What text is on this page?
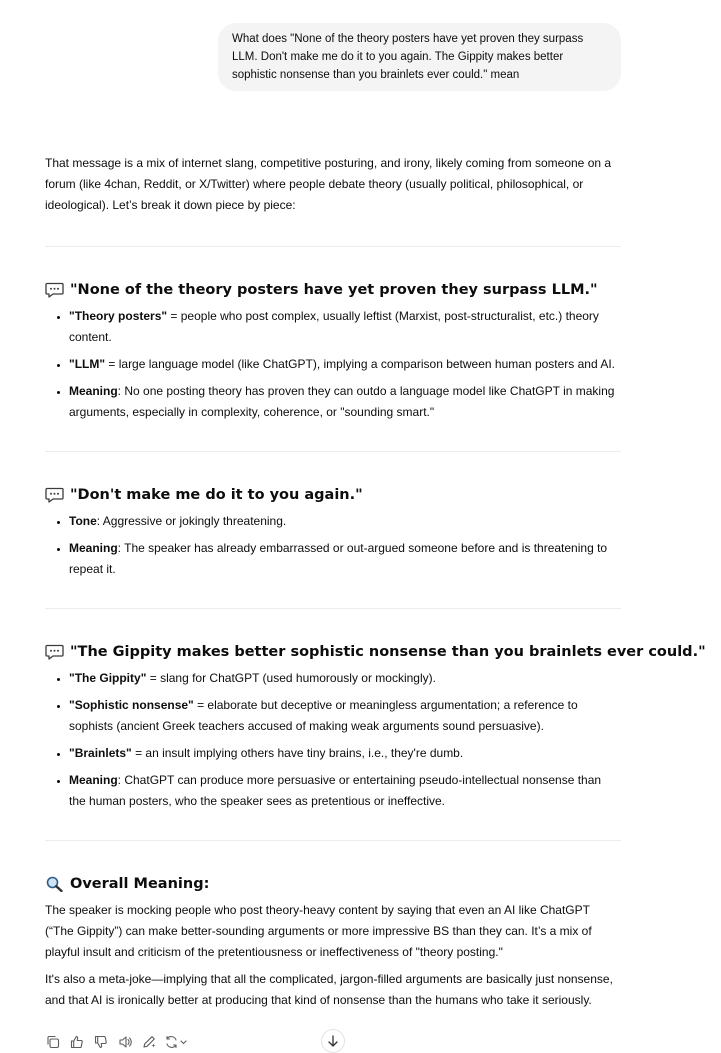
What does "None of the theory posters have yet proven they surpass LLM. Don't make me do it to you again. The Gippity makes better sophistic nonsense than you brainlets ever could." mean

That message is a mix of internet slang, competitive posturing, and irony, likely coming from someone on a forum (like 4chan, Reddit, or X/Twitter) where people debate theory (usually political, philosophical, or ideological). Let’s break it down piece by piece:

"None of the theory posters have yet proven they surpass LLM."
• "Theory posters" = people who post complex, usually leftist (Marxist, post-structuralist, etc.) theory content.
• "LLM" = large language model (like ChatGPT), implying a comparison between human posters and AI.
• Meaning: No one posting theory has proven they can outdo a language model like ChatGPT in making arguments, especially in complexity, coherence, or "sounding smart."
"Don't make me do it to you again."
• Tone: Aggressive or jokingly threatening.
• Meaning: The speaker has already embarrassed or out-argued someone before and is threatening to repeat it.
"The Gippity makes better sophistic nonsense than you brainlets ever could."
• "The Gippity" = slang for ChatGPT (used humorously or mockingly).
• "Sophistic nonsense" = elaborate but deceptive or meaningless argumentation; a reference to sophists (ancient Greek teachers accused of making weak arguments sound persuasive).
• "Brainlets" = an insult implying others have tiny brains, i.e., they're dumb.
• Meaning: ChatGPT can produce more persuasive or entertaining pseudo-intellectual nonsense than the human posters, who the speaker sees as pretentious or ineffective.
Overall Meaning:

The speaker is mocking people who post theory-heavy content by saying that even an AI like ChatGPT (“The Gippity”) can make better-sounding arguments or more impressive BS than they can. It’s a mix of playful insult and criticism of the pretentiousness or ineffectiveness of "theory posting."

It's also a meta-joke—implying that all the complicated, jargon-filled arguments are basically just nonsense, and that AI is ironically better at producing that kind of nonsense than the humans who take it seriously.
